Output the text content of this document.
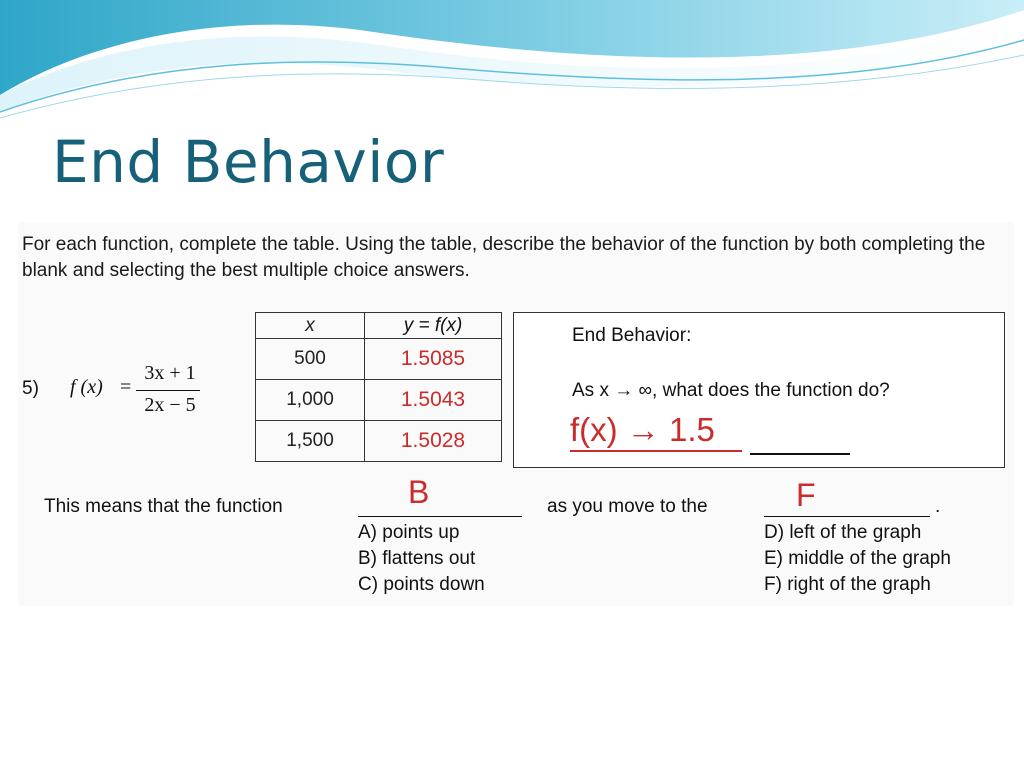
End Behavior
For each function, complete the table. Using the table, describe the behavior of the function by both completing the blank and selecting the best multiple choice answers.
5) f (x) =
3x + 1
2x − 5
x	y = f(x)
500	1.5085
1,000	1.5043
1,500	1.5028
End Behavior:
As x → ∞, what does the function do?
f(x) → 1.5
This means that the function	B	as you move to the	F	.
A) points up
B) flattens out
C) points down
D) left of the graph
E) middle of the graph
F) right of the graph
